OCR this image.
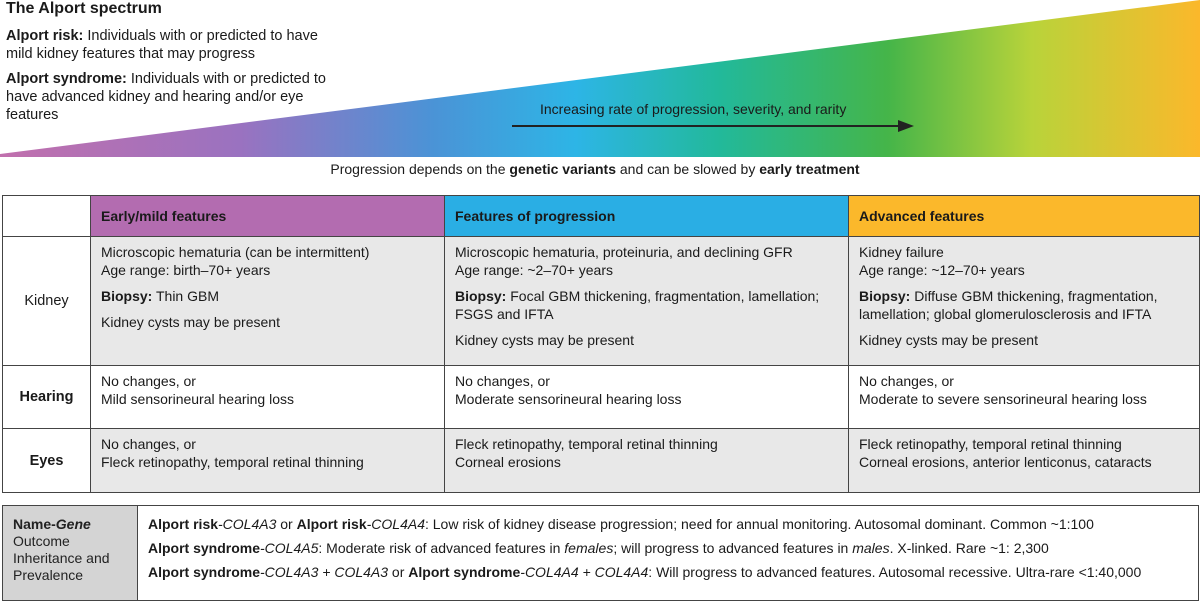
The Alport spectrum
Alport risk: Individuals with or predicted to have mild kidney features that may progress
Alport syndrome: Individuals with or predicted to have advanced kidney and hearing and/or eye features	Increasing rate of progression, severity, and rarity
Progression depends on the genetic variants and can be slowed by early treatment
	Early/mild features	Features of progression	Advanced features
Kidney	Microscopic hematuria (can be intermittent)
Age range: birth–70+ years
Biopsy: Thin GBM
Kidney cysts may be present	Microscopic hematuria, proteinuria, and declining GFR
Age range: ~2–70+ years
Biopsy: Focal GBM thickening, fragmentation, lamellation; FSGS and IFTA
Kidney cysts may be present	Kidney failure
Age range: ~12–70+ years
Biopsy: Diffuse GBM thickening, fragmentation, lamellation; global glomerulosclerosis and IFTA
Kidney cysts may be present

Hearing	No changes, or
Mild sensorineural hearing loss	No changes, or
Moderate sensorineural hearing loss	No changes, or
Moderate to severe sensorineural hearing loss

Eyes	No changes, or
Fleck retinopathy, temporal retinal thinning	Fleck retinopathy, temporal retinal thinning
Corneal erosions	Fleck retinopathy, temporal retinal thinning
Corneal erosions, anterior lenticonus, cataracts
Name-Gene
Outcome
Inheritance and
Prevalence
Alport risk-COL4A3 or Alport risk-COL4A4: Low risk of kidney disease progression; need for annual monitoring. Autosomal dominant. Common ~1:100
Alport syndrome-COL4A5: Moderate risk of advanced features in females; will progress to advanced features in males. X-linked. Rare ~1: 2,300
Alport syndrome-COL4A3 + COL4A3 or Alport syndrome-COL4A4 + COL4A4: Will progress to advanced features. Autosomal recessive. Ultra-rare <1:40,000
